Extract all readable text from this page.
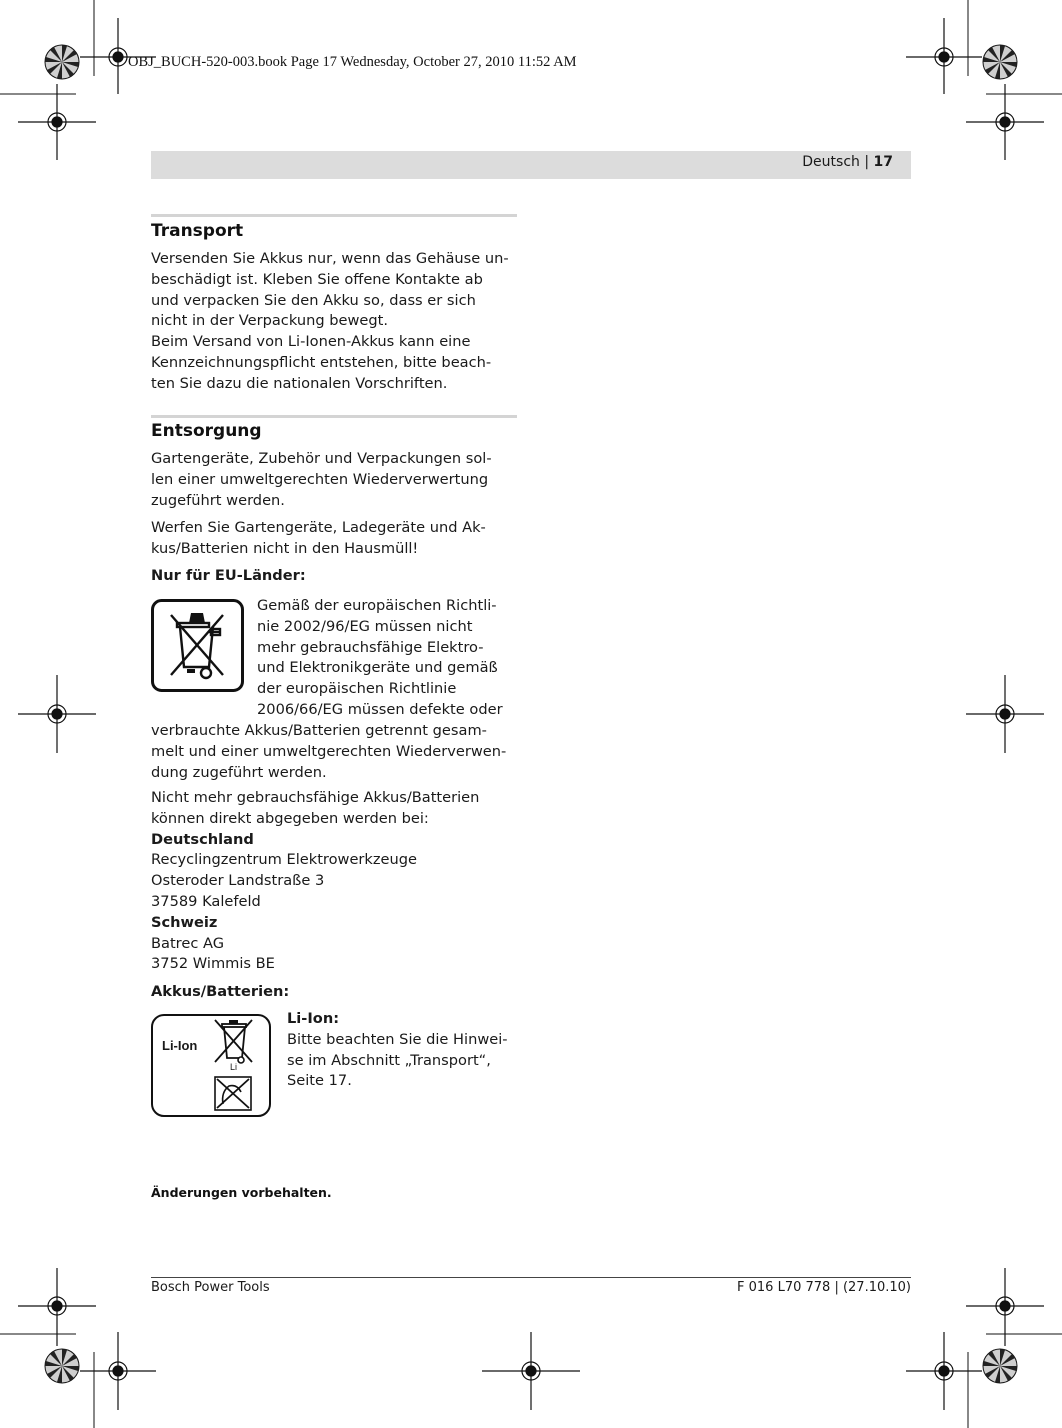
OBJ_BUCH-520-003.book Page 17 Wednesday, October 27, 2010 11:52 AM
Deutsch | 17
Transport

Versenden Sie Akkus nur, wenn das Gehäuse un-

beschädigt ist. Kleben Sie offene Kontakte ab

und verpacken Sie den Akku so, dass er sich

nicht in der Verpackung bewegt.

Beim Versand von Li-Ionen-Akkus kann eine

Kennzeichnungspflicht entstehen, bitte beach-

ten Sie dazu die nationalen Vorschriften.

Entsorgung

Gartengeräte, Zubehör und Verpackungen sol-

len einer umweltgerechten Wiederverwertung

zugeführt werden.

Werfen Sie Gartengeräte, Ladegeräte und Ak-

kus/Batterien nicht in den Hausmüll!

Nur für EU-Länder:

Gemäß der europäischen Richtli-

nie 2002/96/EG müssen nicht

mehr gebrauchsfähige Elektro-

und Elektronikgeräte und gemäß

der europäischen Richtlinie

2006/66/EG müssen defekte oder

verbrauchte Akkus/Batterien getrennt gesam-

melt und einer umweltgerechten Wiederverwen-

dung zugeführt werden.

Nicht mehr gebrauchsfähige Akkus/Batterien

können direkt abgegeben werden bei:

Deutschland

Recyclingzentrum Elektrowerkzeuge

Osteroder Landstraße 3

37589 Kalefeld

Schweiz

Batrec AG

3752 Wimmis BE

Akkus/Batterien:
Li-Ion
Li

Li-Ion:

Bitte beachten Sie die Hinwei-

se im Abschnitt „Transport“,

Seite 17.

Änderungen vorbehalten.
Bosch Power Tools	F 016 L70 778 | (27.10.10)
